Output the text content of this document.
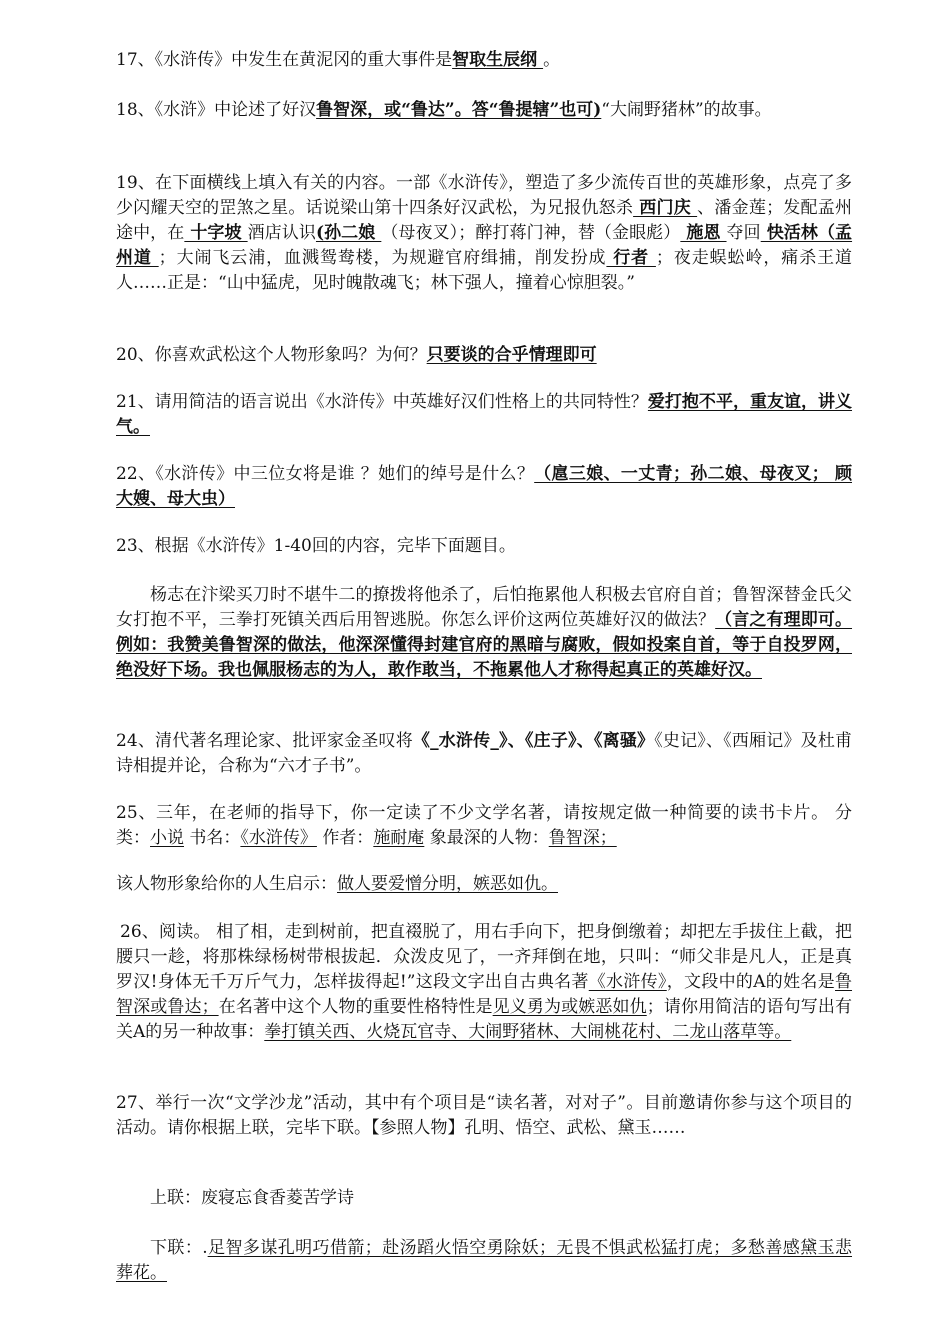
17、《水浒传》中发生在黄泥冈的重大事件是智取生辰纲 。

18、《水浒》中论述了好汉鲁智深，或“鲁达”。答“鲁提辖”也可)“大闹野猪林”的故事。

19、在下面横线上填入有关的内容。一部《水浒传》，塑造了多少流传百世的英雄形象，点亮了多少闪耀天空的罡煞之星。话说梁山第十四条好汉武松，为兄报仇怒杀 西门庆 、潘金莲；发配孟州途中，在 十字坡 酒店认识(孙二娘 （母夜叉）；醉打蒋门神，替（金眼彪） 施恩 夺回 快活林（孟州道 ；大闹飞云浦，血溅鸳鸯楼，为规避官府缉捕，削发扮成 行者 ；夜走蜈蚣岭，痛杀王道人……正是：“山中猛虎，见时魄散魂飞；林下强人，撞着心惊胆裂。”

20、你喜欢武松这个人物形象吗？为何？只要谈的合乎情理即可

21、请用简洁的语言说出《水浒传》中英雄好汉们性格上的共同特性？爱打抱不平，重友谊，讲义气。

22、《水浒传》中三位女将是谁 ？她们的绰号是什么？（扈三娘、一丈青；孙二娘、母夜叉； 顾大嫂、母大虫）

23、根据《水浒传》1-40回的内容，完毕下面题目。

杨志在汴梁买刀时不堪牛二的撩拨将他杀了，后怕拖累他人积极去官府自首；鲁智深替金氏父女打抱不平，三拳打死镇关西后用智逃脱。你怎么评价这两位英雄好汉的做法？（言之有理即可。例如：我赞美鲁智深的做法，他深深懂得封建官府的黑暗与腐败，假如投案自首，等于自投罗网，绝没好下场。我也佩服杨志的为人，敢作敢当，不拖累他人才称得起真正的英雄好汉。

24、清代著名理论家、批评家金圣叹将《_水浒传_》、《庄子》、《离骚》《史记》、《西厢记》及杜甫诗相提并论，合称为“六才子书”。

25、三年，在老师的指导下，你一定读了不少文学名著，请按规定做一种简要的读书卡片。 分类：小说 书名：《水浒传》 作者：施耐庵 象最深的人物：鲁智深；

该人物形象给你的人生启示：做人要爱憎分明，嫉恶如仇。

26、阅读。 相了相，走到树前，把直裰脱了，用右手向下，把身倒缴着；却把左手拔住上截，把腰只一趁，将那株绿杨树带根拔起．众泼皮见了，一齐拜倒在地，只叫：“师父非是凡人，正是真罗汉!身体无千万斤气力，怎样拔得起!”这段文字出自古典名著《水浒传》，文段中的A的姓名是鲁智深或鲁达；在名著中这个人物的重要性格特性是见义勇为或嫉恶如仇；请你用简洁的语句写出有关A的另一种故事：拳打镇关西、火烧瓦官寺、大闹野猪林、大闹桃花村、二龙山落草等。

27、举行一次“文学沙龙”活动，其中有个项目是“读名著，对对子”。目前邀请你参与这个项目的活动。请你根据上联，完毕下联。【参照人物】孔明、悟空、武松、黛玉……

上联：废寝忘食香菱苦学诗

下联：.足智多谋孔明巧借箭；赴汤蹈火悟空勇除妖；无畏不惧武松猛打虎；多愁善感黛玉悲葬花。
